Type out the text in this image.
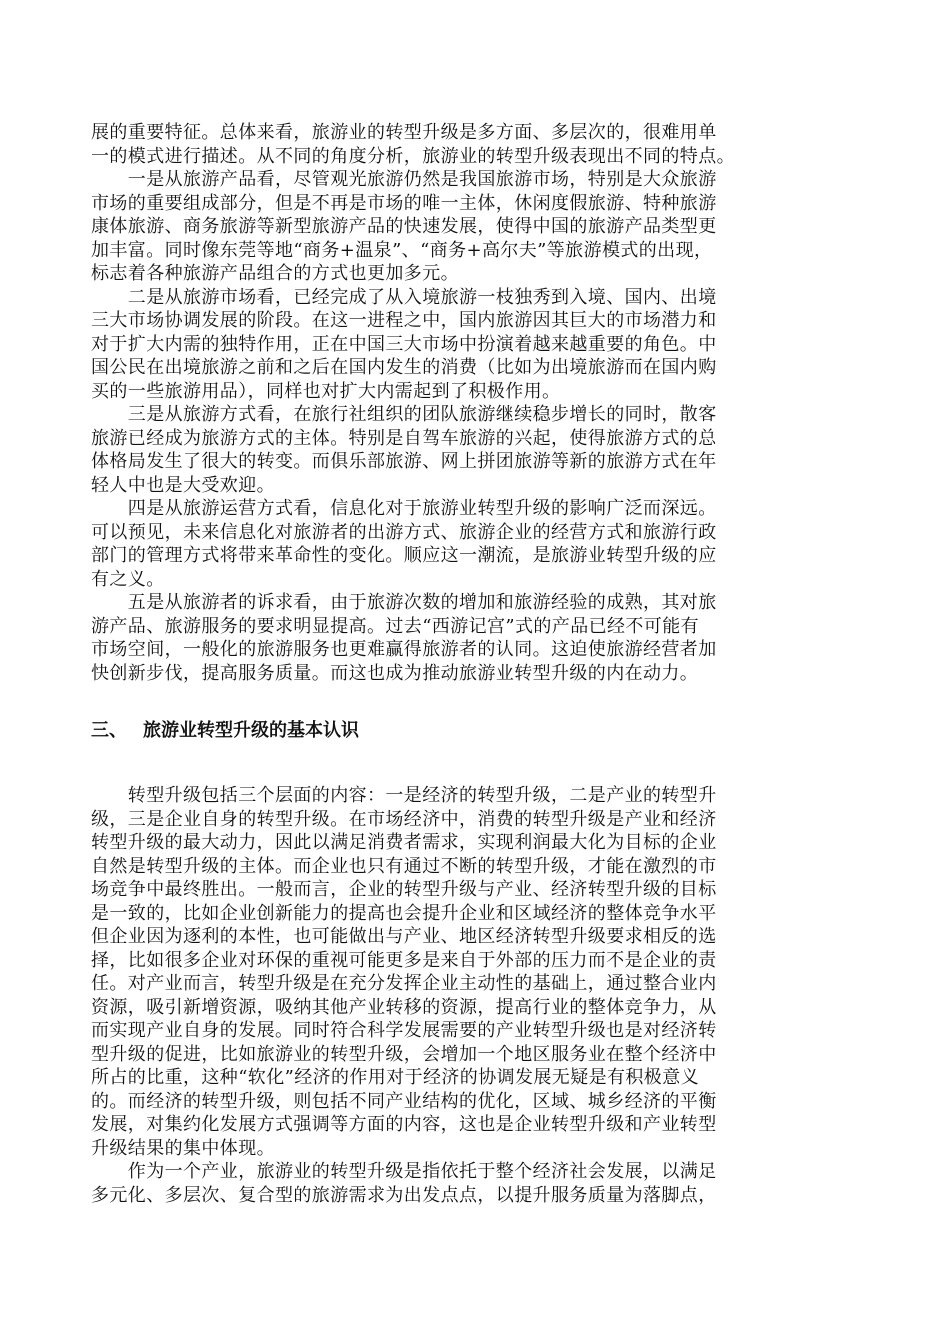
展的重要特征。总体来看，旅游业的转型升级是多方面、多层次的，很难用单
一的模式进行描述。从不同的角度分析，旅游业的转型升级表现出不同的特点。
　　一是从旅游产品看，尽管观光旅游仍然是我国旅游市场，特别是大众旅游
市场的重要组成部分，但是不再是市场的唯一主体，休闲度假旅游、特种旅游
康体旅游、商务旅游等新型旅游产品的快速发展，使得中国的旅游产品类型更
加丰富。同时像东莞等地“商务+温泉”、“商务+高尔夫”等旅游模式的出现，
标志着各种旅游产品组合的方式也更加多元。
　　二是从旅游市场看，已经完成了从入境旅游一枝独秀到入境、国内、出境
三大市场协调发展的阶段。在这一进程之中，国内旅游因其巨大的市场潜力和
对于扩大内需的独特作用，正在中国三大市场中扮演着越来越重要的角色。中
国公民在出境旅游之前和之后在国内发生的消费（比如为出境旅游而在国内购
买的一些旅游用品），同样也对扩大内需起到了积极作用。
　　三是从旅游方式看，在旅行社组织的团队旅游继续稳步增长的同时，散客
旅游已经成为旅游方式的主体。特别是自驾车旅游的兴起，使得旅游方式的总
体格局发生了很大的转变。而俱乐部旅游、网上拼团旅游等新的旅游方式在年
轻人中也是大受欢迎。
　　四是从旅游运营方式看，信息化对于旅游业转型升级的影响广泛而深远。
可以预见，未来信息化对旅游者的出游方式、旅游企业的经营方式和旅游行政
部门的管理方式将带来革命性的变化。顺应这一潮流，是旅游业转型升级的应
有之义。
　　五是从旅游者的诉求看，由于旅游次数的增加和旅游经验的成熟，其对旅
游产品、旅游服务的要求明显提高。过去“西游记宫”式的产品已经不可能有
市场空间，一般化的旅游服务也更难赢得旅游者的认同。这迫使旅游经营者加
快创新步伐，提高服务质量。而这也成为推动旅游业转型升级的内在动力。
三、 旅游业转型升级的基本认识
　　转型升级包括三个层面的内容：一是经济的转型升级，二是产业的转型升
级，三是企业自身的转型升级。在市场经济中，消费的转型升级是产业和经济
转型升级的最大动力，因此以满足消费者需求，实现利润最大化为目标的企业
自然是转型升级的主体。而企业也只有通过不断的转型升级，才能在激烈的市
场竞争中最终胜出。一般而言，企业的转型升级与产业、经济转型升级的目标
是一致的，比如企业创新能力的提高也会提升企业和区域经济的整体竞争水平
但企业因为逐利的本性，也可能做出与产业、地区经济转型升级要求相反的选
择，比如很多企业对环保的重视可能更多是来自于外部的压力而不是企业的责
任。对产业而言，转型升级是在充分发挥企业主动性的基础上，通过整合业内
资源，吸引新增资源，吸纳其他产业转移的资源，提高行业的整体竞争力，从
而实现产业自身的发展。同时符合科学发展需要的产业转型升级也是对经济转
型升级的促进，比如旅游业的转型升级，会增加一个地区服务业在整个经济中
所占的比重，这种“软化”经济的作用对于经济的协调发展无疑是有积极意义
的。而经济的转型升级，则包括不同产业结构的优化，区域、城乡经济的平衡
发展，对集约化发展方式强调等方面的内容，这也是企业转型升级和产业转型
升级结果的集中体现。
　　作为一个产业，旅游业的转型升级是指依托于整个经济社会发展，以满足
多元化、多层次、复合型的旅游需求为出发点点，以提升服务质量为落脚点，
